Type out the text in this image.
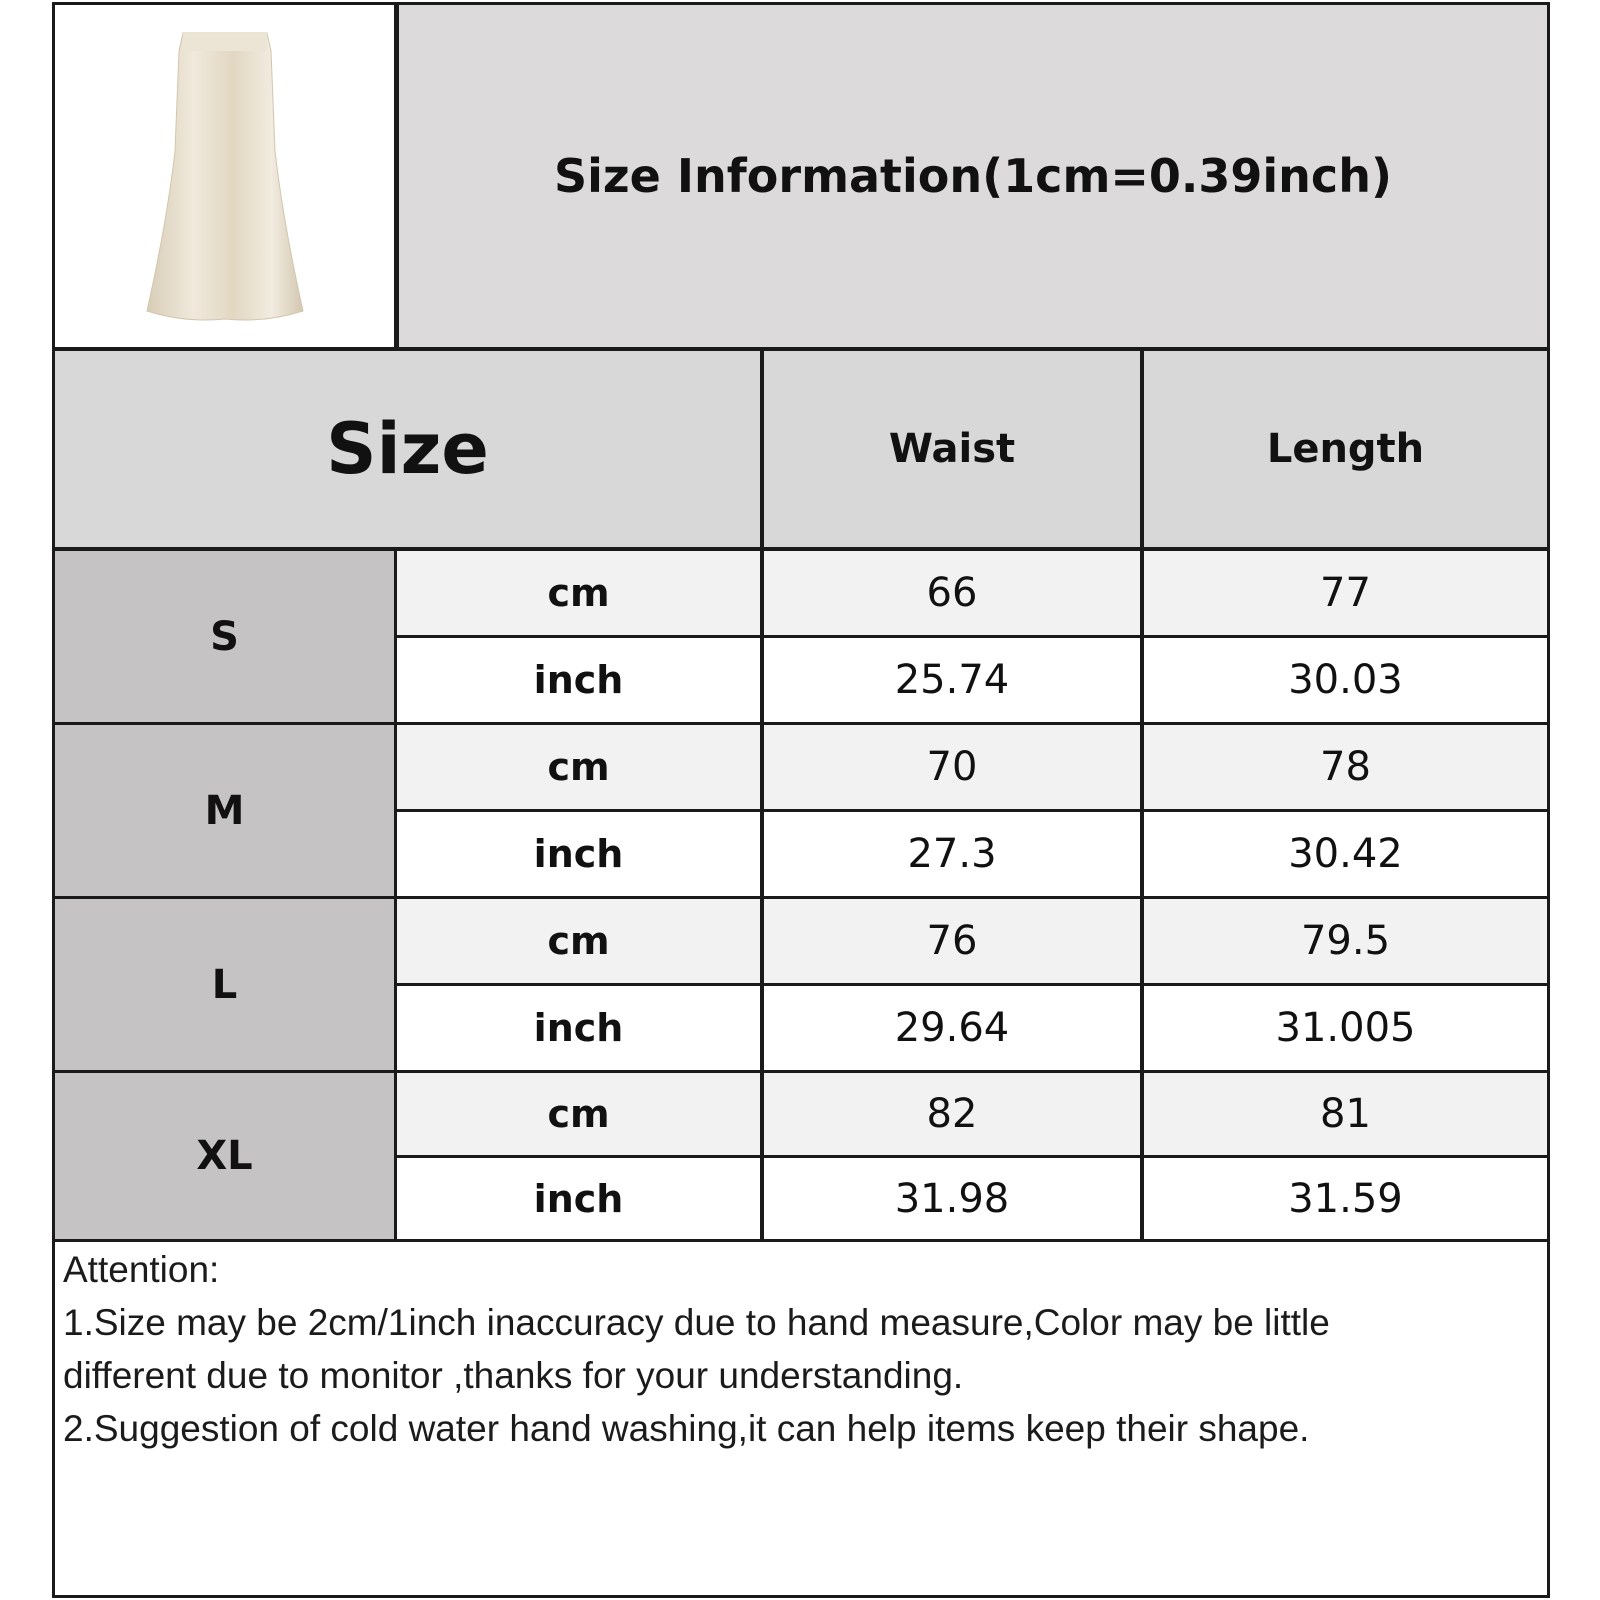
Size Information(1cm=0.39inch)
Size	Waist	Length
S
cm	66	77
inch	25.74	30.03
M
cm	70	78
inch	27.3	30.42
L
cm	76	79.5
inch	29.64	31.005
XL
cm	82	81
inch	31.98	31.59

Attention:

1.Size may be 2cm/1inch inaccuracy due to hand measure,Color may be little

different due to monitor ,thanks for your understanding.

2.Suggestion of cold water hand washing,it can help items keep their shape.
